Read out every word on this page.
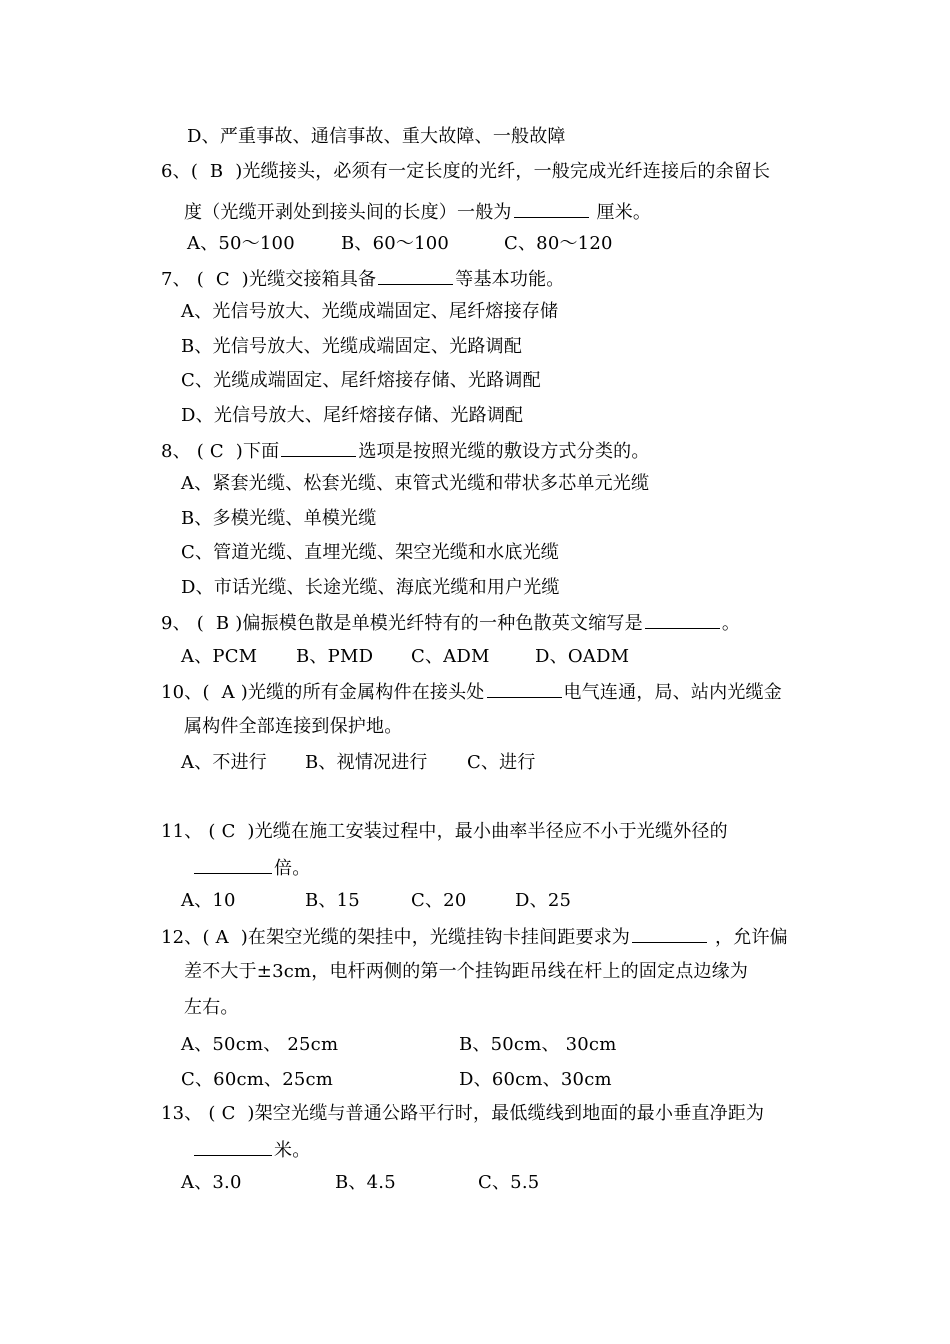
D、严重事故、通信事故、重大故障、一般故障
6、(  B  )光缆接头，必须有一定长度的光纤，一般完成光纤连接后的余留长
度（光缆开剥处到接头间的长度）一般为	厘米。
A、50～100	B、60～100	C、80～120
7、 (  C  )光缆交接箱具备	等基本功能。
A、光信号放大、光缆成端固定、尾纤熔接存储
B、光信号放大、光缆成端固定、光路调配
C、光缆成端固定、尾纤熔接存储、光路调配
D、光信号放大、尾纤熔接存储、光路调配
8、 ( C  )下面	选项是按照光缆的敷设方式分类的。
A、紧套光缆、松套光缆、束管式光缆和带状多芯单元光缆
B、多模光缆、单模光缆
C、管道光缆、直埋光缆、架空光缆和水底光缆
D、市话光缆、长途光缆、海底光缆和用户光缆
9、 (  B )偏振模色散是单模光纤特有的一种色散英文缩写是	。
A、PCM B、PMD C、ADM	D、OADM
10、(  A )光缆的所有金属构件在接头处	电气连通，局、站内光缆金
属构件全部连接到保护地。
A、不进行 B、视情况进行 C、进行
11、 ( C  )光缆在施工安装过程中，最小曲率半径应不小于光缆外径的
倍。
A、10	B、15	C、20	D、25
12、( A  )在架空光缆的架挂中，光缆挂钩卡挂间距要求为	，允许偏
差不大于±3cm，电杆两侧的第一个挂钩距吊线在杆上的固定点边缘为
左右。
A、50cm、 25cm	B、50cm、 30cm
C、60cm、25cm	D、60cm、30cm
13、 ( C  )架空光缆与普通公路平行时，最低缆线到地面的最小垂直净距为
米。
A、3.0	B、4.5	C、5.5
